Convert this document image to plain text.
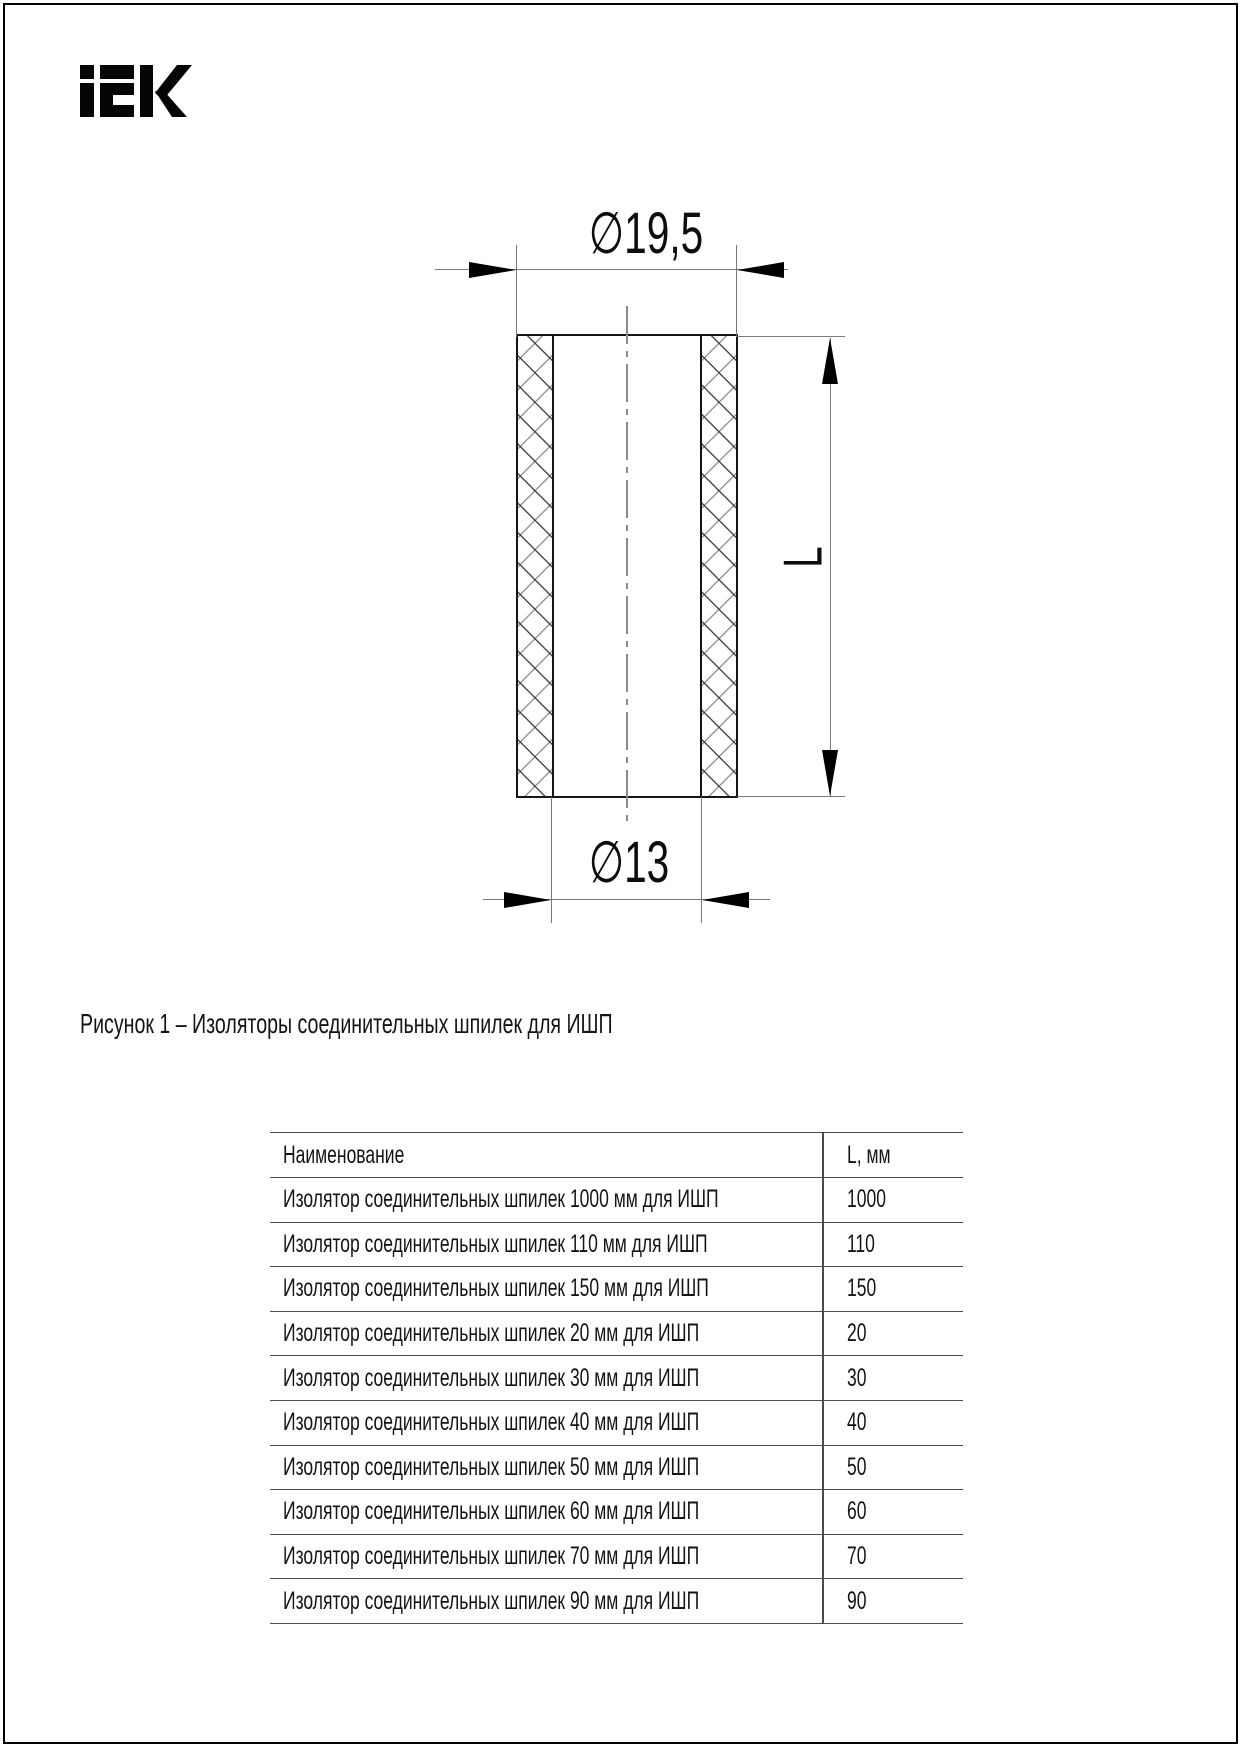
∅19,5
∅13
L
Рисунок 1 – Изоляторы соединительных шпилек для ИШП
Наименование	L, мм
Изолятор соединительных шпилек 1000 мм для ИШП	1000
Изолятор соединительных шпилек 110 мм для ИШП	110
Изолятор соединительных шпилек 150 мм для ИШП	150
Изолятор соединительных шпилек 20 мм для ИШП	20
Изолятор соединительных шпилек 30 мм для ИШП	30
Изолятор соединительных шпилек 40 мм для ИШП	40
Изолятор соединительных шпилек 50 мм для ИШП	50
Изолятор соединительных шпилек 60 мм для ИШП	60
Изолятор соединительных шпилек 70 мм для ИШП	70
Изолятор соединительных шпилек 90 мм для ИШП	90
